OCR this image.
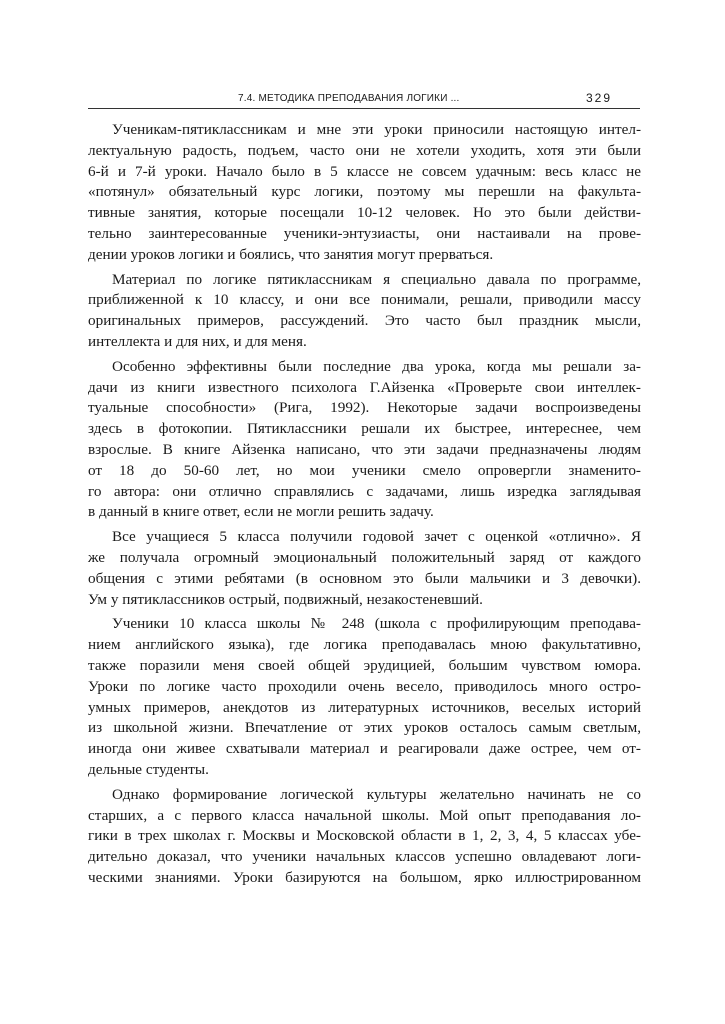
7.4. МЕТОДИКА ПРЕПОДАВАНИЯ ЛОГИКИ ...	329
Ученикам-пятиклассникам и мне эти уроки приносили настоящую интел-
лектуальную радость, подъем, часто они не хотели уходить, хотя эти были
6-й и 7-й уроки. Начало было в 5 классе не совсем удачным: весь класс не
«потянул» обязательный курс логики, поэтому мы перешли на факульта-
тивные занятия, которые посещали 10-12 человек. Но это были действи-
тельно заинтересованные ученики-энтузиасты, они настаивали на прове-
дении уроков логики и боялись, что занятия могут прерваться.
Материал по логике пятиклассникам я специально давала по программе,
приближенной к 10 классу, и они все понимали, решали, приводили массу
оригинальных примеров, рассуждений. Это часто был праздник мысли,
интеллекта и для них, и для меня.
Особенно эффективны были последние два урока, когда мы решали за-
дачи из книги известного психолога Г.Айзенка «Проверьте свои интеллек-
туальные способности» (Рига, 1992). Некоторые задачи воспроизведены
здесь в фотокопии. Пятиклассники решали их быстрее, интереснее, чем
взрослые. В книге Айзенка написано, что эти задачи предназначены людям
от 18 до 50-60 лет, но мои ученики смело опровергли знаменито-
го автора: они отлично справлялись с задачами, лишь изредка заглядывая
в данный в книге ответ, если не могли решить задачу.
Все учащиеся 5 класса получили годовой зачет с оценкой «отлично». Я
же получала огромный эмоциональный положительный заряд от каждого
общения с этими ребятами (в основном это были мальчики и 3 девочки).
Ум у пятиклассников острый, подвижный, незакостеневший.
Ученики 10 класса школы № 248 (школа с профилирующим преподава-
нием английского языка), где логика преподавалась мною факультативно,
также поразили меня своей общей эрудицией, большим чувством юмора.
Уроки по логике часто проходили очень весело, приводилось много остро-
умных примеров, анекдотов из литературных источников, веселых историй
из школьной жизни. Впечатление от этих уроков осталось самым светлым,
иногда они живее схватывали материал и реагировали даже острее, чем от-
дельные студенты.
Однако формирование логической культуры желательно начинать не со
старших, а с первого класса начальной школы. Мой опыт преподавания ло-
гики в трех школах г. Москвы и Московской области в 1, 2, 3, 4, 5 классах убе-
дительно доказал, что ученики начальных классов успешно овладевают логи-
ческими знаниями. Уроки базируются на большом, ярко иллюстрированном
